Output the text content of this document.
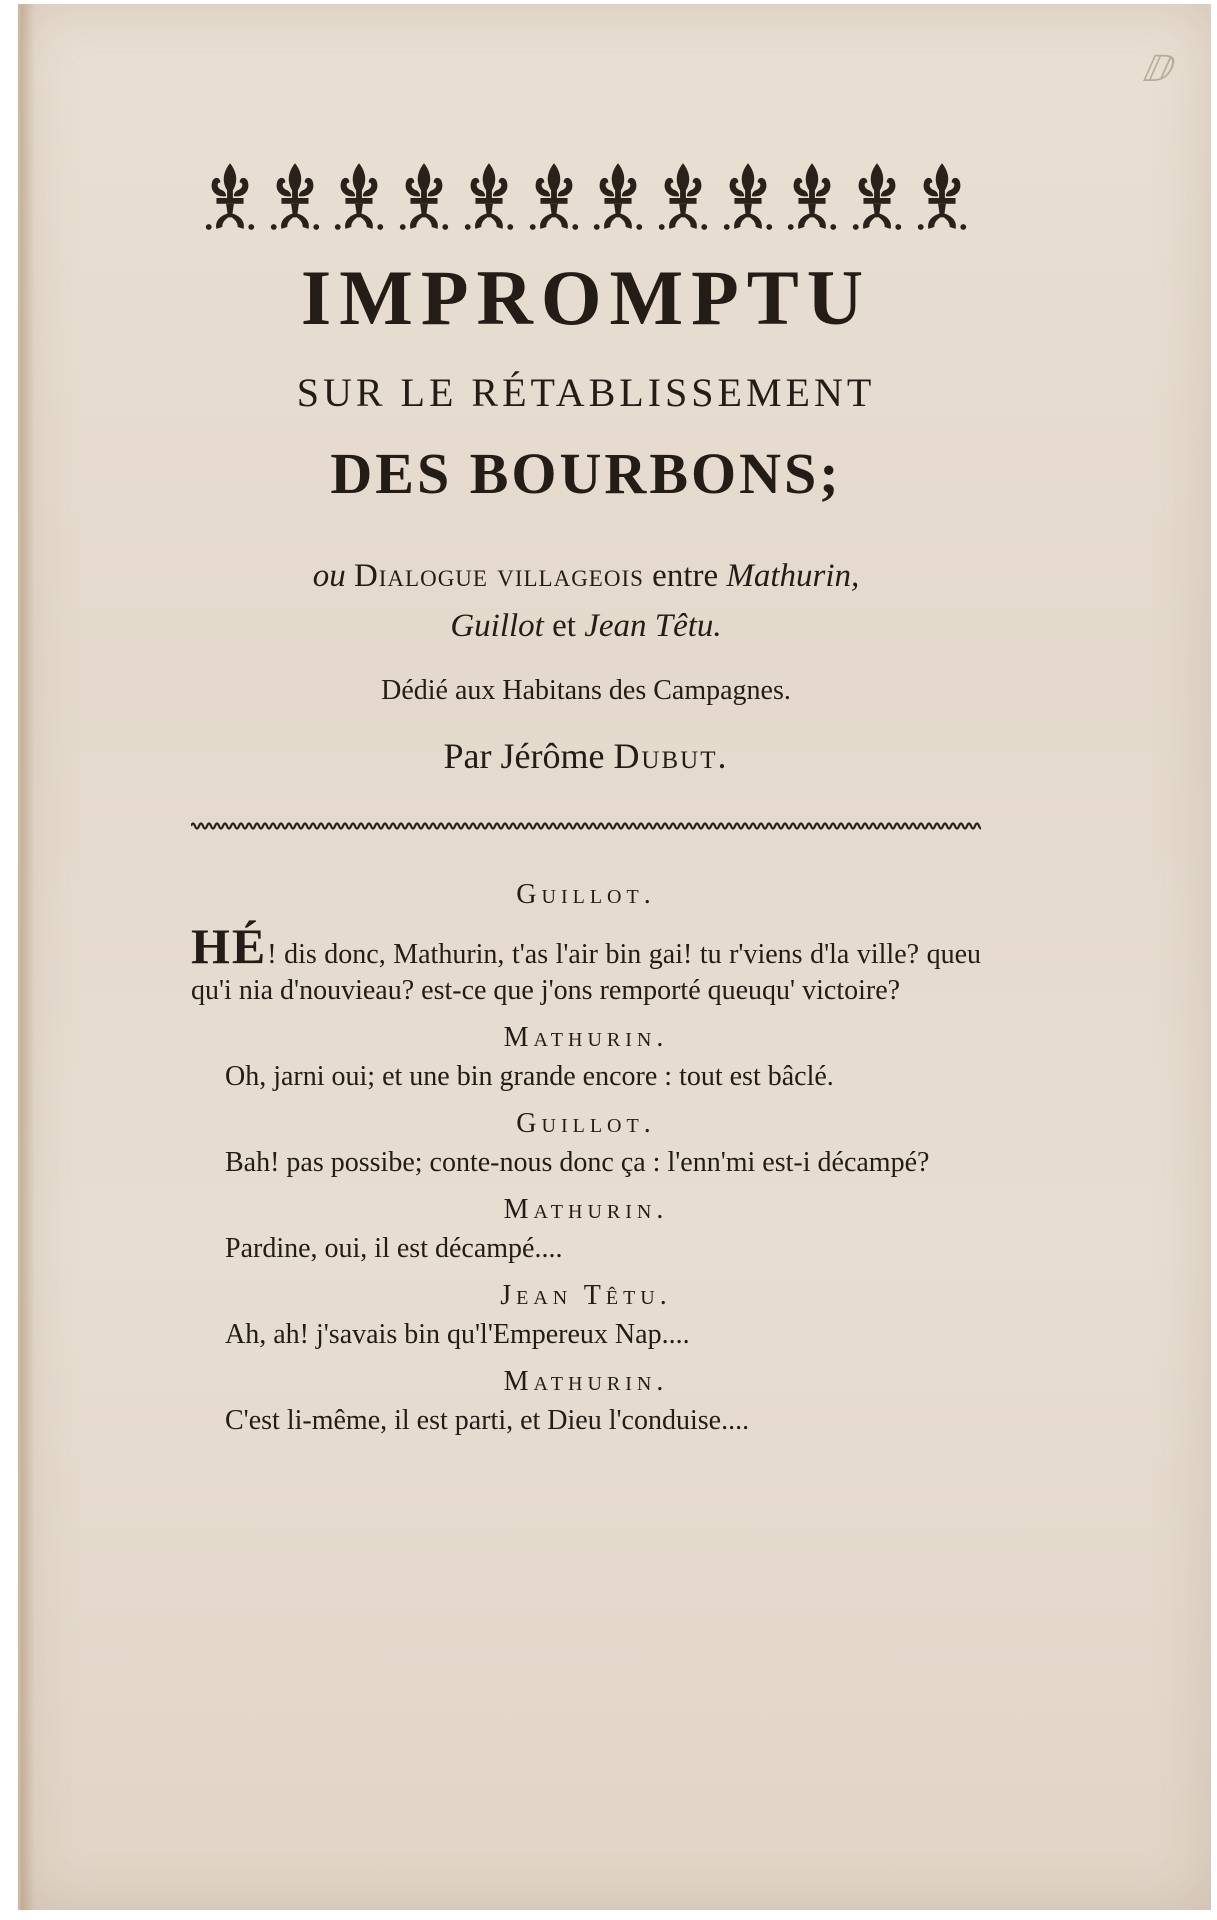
ⅅ
IMPROMPTU
SUR LE RÉTABLISSEMENT
DES BOURBONS;
ou Dialogue villageois entre Mathurin,
Guillot et Jean Têtu.
Dédié aux Habitans des Campagnes.
Par Jérôme Dubut.
Guillot.
HÉ! dis donc, Mathurin, t'as l'air bin gai! tu r'viens d'la ville? queu qu'i nia d'nouvieau? est-ce que j'ons remporté queuqu' victoire?
Mathurin.
Oh, jarni oui; et une bin grande encore : tout est bâclé.
Guillot.
Bah! pas possibe; conte-nous donc ça : l'enn'mi est-i décampé?
Mathurin.
Pardine, oui, il est décampé....
Jean Têtu.
Ah, ah! j'savais bin qu'l'Empereux Nap....
Mathurin.
C'est li-même, il est parti, et Dieu l'conduise....
